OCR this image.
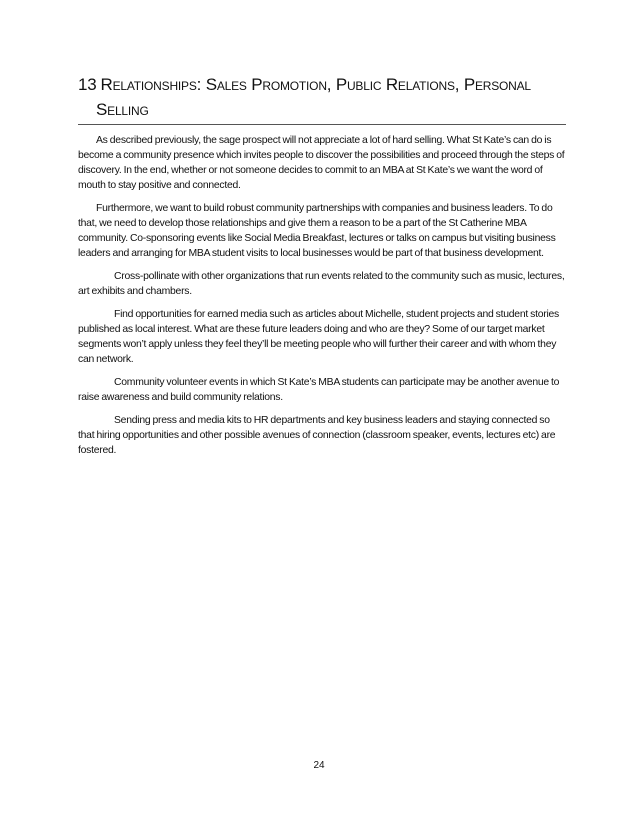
13 Relationships: Sales Promotion, Public Relations, Personal
Selling

As described previously, the sage prospect will not appreciate a lot of hard selling. What St Kate’s can do is become a community presence which invites people to discover the possibilities and proceed through the steps of discovery. In the end, whether or not someone decides to commit to an MBA at St Kate’s we want the word of mouth to stay positive and connected.

Furthermore, we want to build robust community partnerships with companies and business leaders. To do that, we need to develop those relationships and give them a reason to be a part of the St Catherine MBA community. Co-sponsoring events like Social Media Breakfast, lectures or talks on campus but visiting business leaders and arranging for MBA student visits to local businesses would be part of that business development.

Cross-pollinate with other organizations that run events related to the community such as music, lectures, art exhibits and chambers.

Find opportunities for earned media such as articles about Michelle, student projects and student stories published as local interest. What are these future leaders doing and who are they? Some of our target market segments won’t apply unless they feel they’ll be meeting people who will further their career and with whom they can network.

Community volunteer events in which St Kate’s MBA students can participate may be another avenue to raise awareness and build community relations.

Sending press and media kits to HR departments and key business leaders and staying connected so that hiring opportunities and other possible avenues of connection (classroom speaker, events, lectures etc) are fostered.

24
